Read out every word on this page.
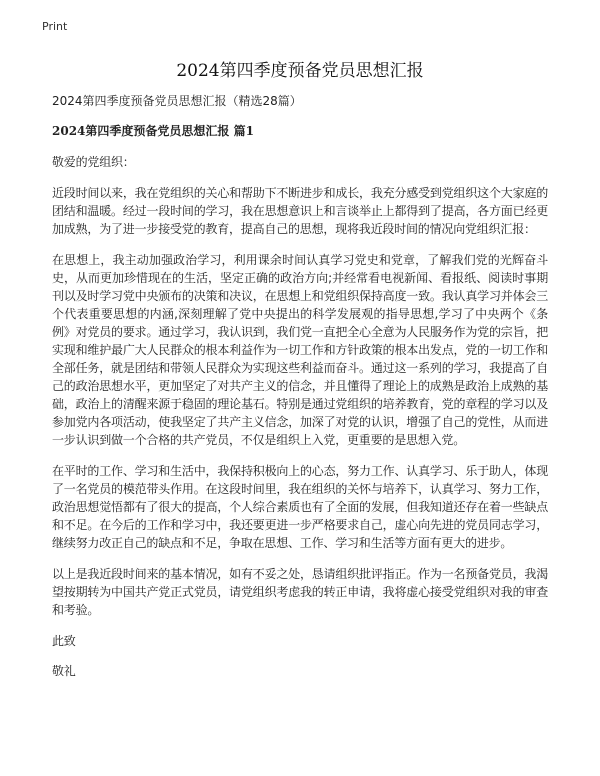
Print
2024第四季度预备党员思想汇报

2024第四季度预备党员思想汇报（精选28篇）

2024第四季度预备党员思想汇报 篇1

敬爱的党组织：

近段时间以来，我在党组织的关心和帮助下不断进步和成长，我充分感受到党组织这个大家庭的团结和温暖。经过一段时间的学习，我在思想意识上和言谈举止上都得到了提高，各方面已经更加成熟，为了进一步接受党的教育，提高自己的思想，现将我近段时间的情况向党组织汇报：

在思想上，我主动加强政治学习，利用课余时间认真学习党史和党章，了解我们党的光辉奋斗史，从而更加珍惜现在的生活，坚定正确的政治方向;并经常看电视新闻、看报纸、阅读时事期刊以及时学习党中央颁布的决策和决议，在思想上和党组织保持高度一致。我认真学习并体会三个代表重要思想的内涵,深刻理解了党中央提出的科学发展观的指导思想,学习了中央两个《条例》对党员的要求。通过学习，我认识到，我们党一直把全心全意为人民服务作为党的宗旨，把实现和维护最广大人民群众的根本利益作为一切工作和方针政策的根本出发点，党的一切工作和全部任务，就是团结和带领人民群众为实现这些利益而奋斗。通过这一系列的学习，我提高了自己的政治思想水平，更加坚定了对共产主义的信念，并且懂得了理论上的成熟是政治上成熟的基础，政治上的清醒来源于稳固的理论基石。特别是通过党组织的培养教育，党的章程的学习以及参加党内各项活动，使我坚定了共产主义信念，加深了对党的认识，增强了自己的党性，从而进一步认识到做一个合格的共产党员，不仅是组织上入党，更重要的是思想入党。

在平时的工作、学习和生活中，我保持积极向上的心态，努力工作、认真学习、乐于助人，体现了一名党员的模范带头作用。在这段时间里，我在组织的关怀与培养下，认真学习、努力工作，政治思想觉悟都有了很大的提高，个人综合素质也有了全面的发展，但我知道还存在着一些缺点和不足。在今后的工作和学习中，我还要更进一步严格要求自己，虚心向先进的党员同志学习，继续努力改正自己的缺点和不足，争取在思想、工作、学习和生活等方面有更大的进步。

以上是我近段时间来的基本情况，如有不妥之处，恳请组织批评指正。作为一名预备党员，我渴望按期转为中国共产党正式党员，请党组织考虑我的转正申请，我将虚心接受党组织对我的审查和考验。

此致

敬礼
